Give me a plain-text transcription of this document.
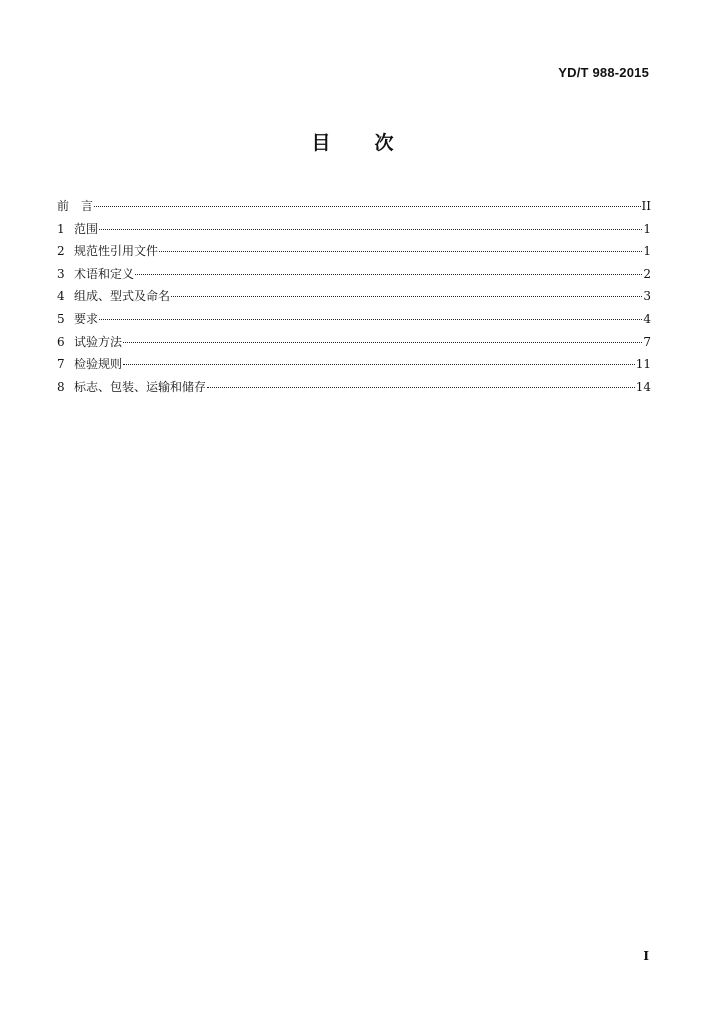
YD/T 988-2015
目 次
前 言	II
1 范围	1
2 规范性引用文件	1
3 术语和定义	2
4 组成、型式及命名	3
5 要求	4
6 试验方法	7
7 检验规则	11
8 标志、包装、运输和储存	14
I
